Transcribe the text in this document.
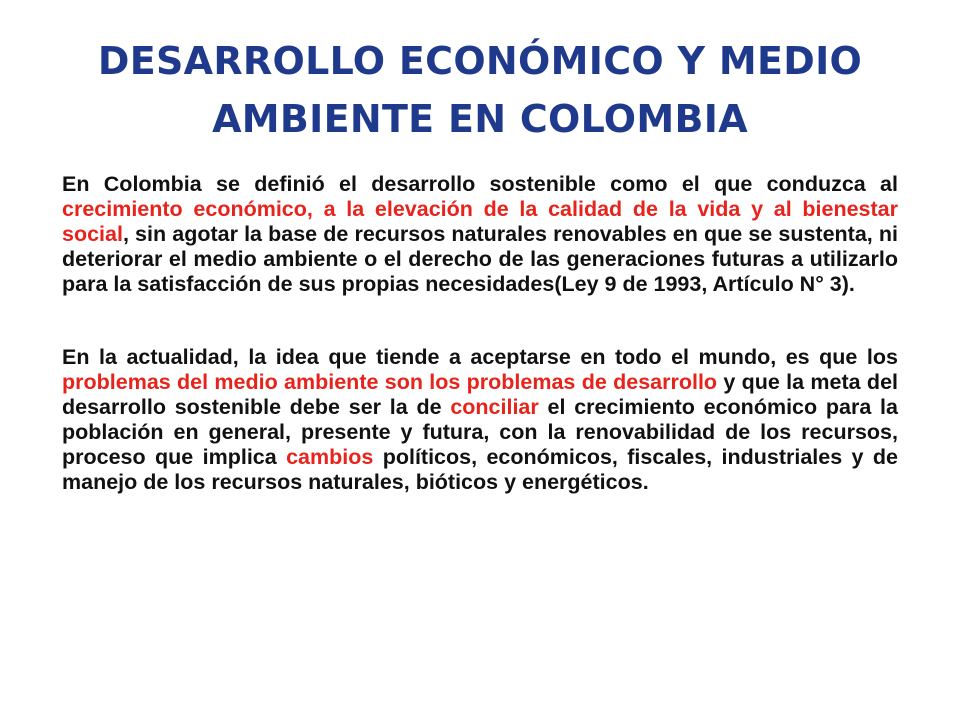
DESARROLLO ECONÓMICO Y MEDIO
AMBIENTE EN COLOMBIA

En Colombia se definió el desarrollo sostenible como el que conduzca al crecimiento económico, a la elevación de la calidad de la vida y al bienestar social, sin agotar la base de recursos naturales renovables en que se sustenta, ni deteriorar el medio ambiente o el derecho de las generaciones futuras a utilizarlo para la satisfacción de sus propias necesidades(Ley 9 de 1993, Artículo N° 3).

En la actualidad, la idea que tiende a aceptarse en todo el mundo, es que los problemas del medio ambiente son los problemas de desarrollo y que la meta del desarrollo sostenible debe ser la de conciliar el crecimiento económico para la población en general, presente y futura, con la renovabilidad de los recursos, proceso que implica cambios políticos, económicos, fiscales, industriales y de manejo de los recursos naturales, bióticos y energéticos.
